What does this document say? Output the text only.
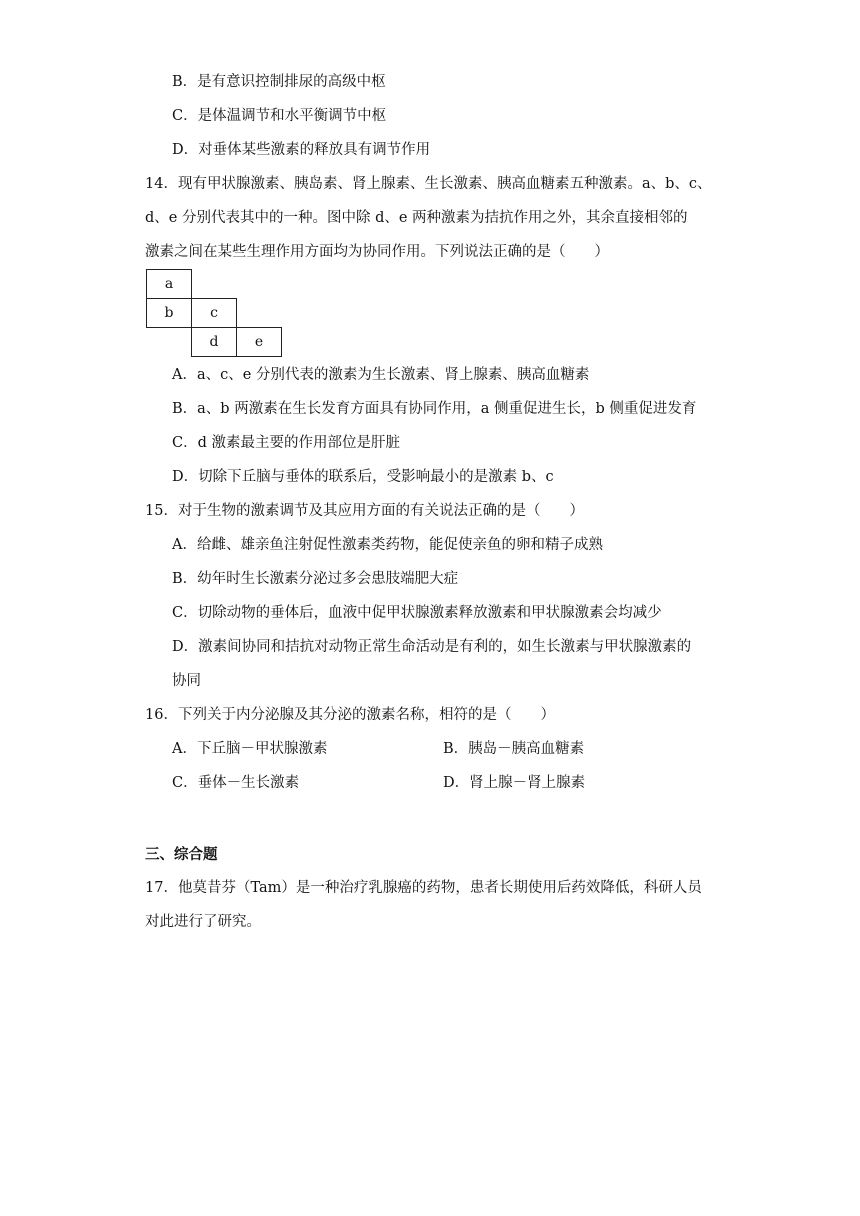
B．是有意识控制排尿的高级中枢
C．是体温调节和水平衡调节中枢
D．对垂体某些激素的释放具有调节作用
14．现有甲状腺激素、胰岛素、肾上腺素、生长激素、胰高血糖素五种激素。a、b、c、
d、e 分别代表其中的一种。图中除 d、e 两种激素为拮抗作用之外，其余直接相邻的
激素之间在某些生理作用方面均为协同作用。下列说法正确的是（　　）
a		
b	c	
	d	e
A．a、c、e 分别代表的激素为生长激素、肾上腺素、胰高血糖素
B．a、b 两激素在生长发育方面具有协同作用，a 侧重促进生长，b 侧重促进发育
C．d 激素最主要的作用部位是肝脏
D．切除下丘脑与垂体的联系后，受影响最小的是激素 b、c
15．对于生物的激素调节及其应用方面的有关说法正确的是（　　）
A．给雌、雄亲鱼注射促性激素类药物，能促使亲鱼的卵和精子成熟
B．幼年时生长激素分泌过多会患肢端肥大症
C．切除动物的垂体后，血液中促甲状腺激素释放激素和甲状腺激素会均减少
D．激素间协同和拮抗对动物正常生命活动是有利的，如生长激素与甲状腺激素的
协同
16．下列关于内分泌腺及其分泌的激素名称，相符的是（　　）
A．下丘脑－甲状腺激素	B．胰岛－胰高血糖素
C．垂体－生长激素	D．肾上腺－肾上腺素
三、综合题
17．他莫昔芬（Tam）是一种治疗乳腺癌的药物，患者长期使用后药效降低，科研人员
对此进行了研究。
